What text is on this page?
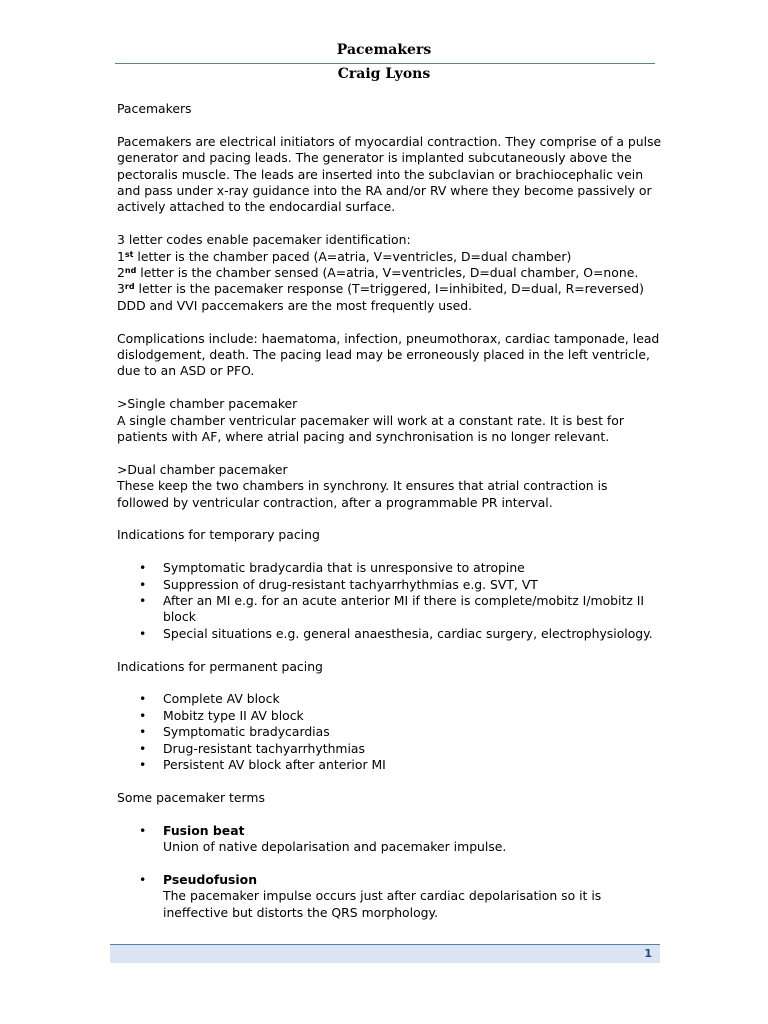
Pacemakers
Craig Lyons

Pacemakers

Pacemakers are electrical initiators of myocardial contraction. They comprise of a pulse generator and pacing leads. The generator is implanted subcutaneously above the pectoralis muscle. The leads are inserted into the subclavian or brachiocephalic vein and pass under x-ray guidance into the RA and/or RV where they become passively or actively attached to the endocardial surface.

3 letter codes enable pacemaker identification:

1st letter is the chamber paced (A=atria, V=ventricles, D=dual chamber)

2nd letter is the chamber sensed (A=atria, V=ventricles, D=dual chamber, O=none.

3rd letter is the pacemaker response (T=triggered, I=inhibited, D=dual, R=reversed)

DDD and VVI paccemakers are the most frequently used.

Complications include: haematoma, infection, pneumothorax, cardiac tamponade, lead dislodgement, death. The pacing lead may be erroneously placed in the left ventricle, due to an ASD or PFO.

>Single chamber pacemaker

A single chamber ventricular pacemaker will work at a constant rate. It is best for patients with AF, where atrial pacing and synchronisation is no longer relevant.

>Dual chamber pacemaker

These keep the two chambers in synchrony. It ensures that atrial contraction is followed by ventricular contraction, after a programmable PR interval.

Indications for temporary pacing

• Symptomatic bradycardia that is unresponsive to atropine
• Suppression of drug-resistant tachyarrhythmias e.g. SVT, VT
• After an MI e.g. for an acute anterior MI if there is complete/mobitz I/mobitz II block
• Special situations e.g. general anaesthesia, cardiac surgery, electrophysiology.

Indications for permanent pacing

• Complete AV block
• Mobitz type II AV block
• Symptomatic bradycardias
• Drug-resistant tachyarrhythmias
• Persistent AV block after anterior MI

Some pacemaker terms

• Fusion beat
Union of native depolarisation and pacemaker impulse.
• Pseudofusion
The pacemaker impulse occurs just after cardiac depolarisation so it is ineffective but distorts the QRS morphology.
1
